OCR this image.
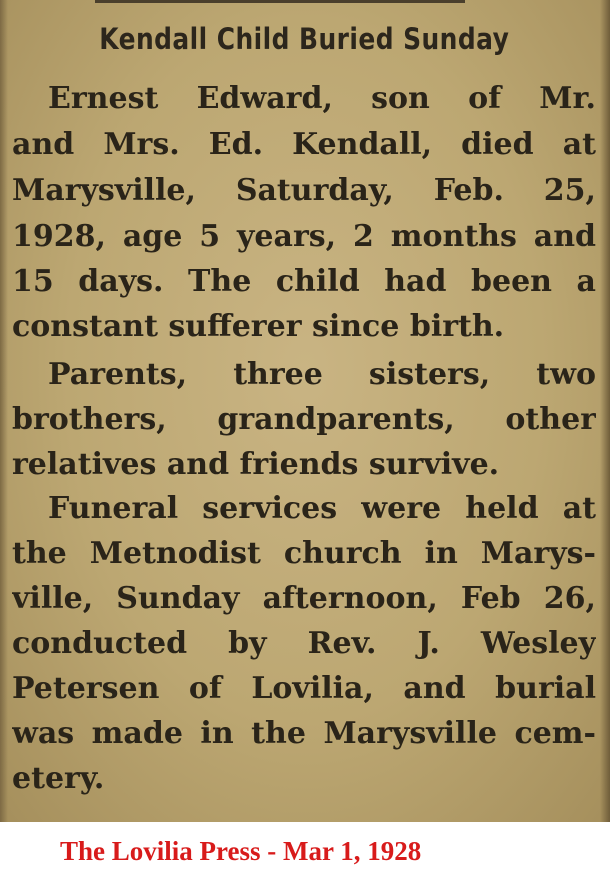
Kendall Child Buried Sunday
Ernest Edward, son of Mr.
and Mrs. Ed. Kendall, died at
Marysville, Saturday, Feb. 25,
1928, age 5 years, 2 months and
15 days. The child had been a
constant sufferer since birth.
Parents, three sisters, two
brothers, grandparents, other
relatives and friends survive.
Funeral services were held at
the Metnodist church in Marys-
ville, Sunday afternoon, Feb 26,
conducted by Rev. J. Wesley
Petersen of Lovilia, and burial
was made in the Marysville cem-
etery.
The Lovilia Press - Mar 1, 1928
